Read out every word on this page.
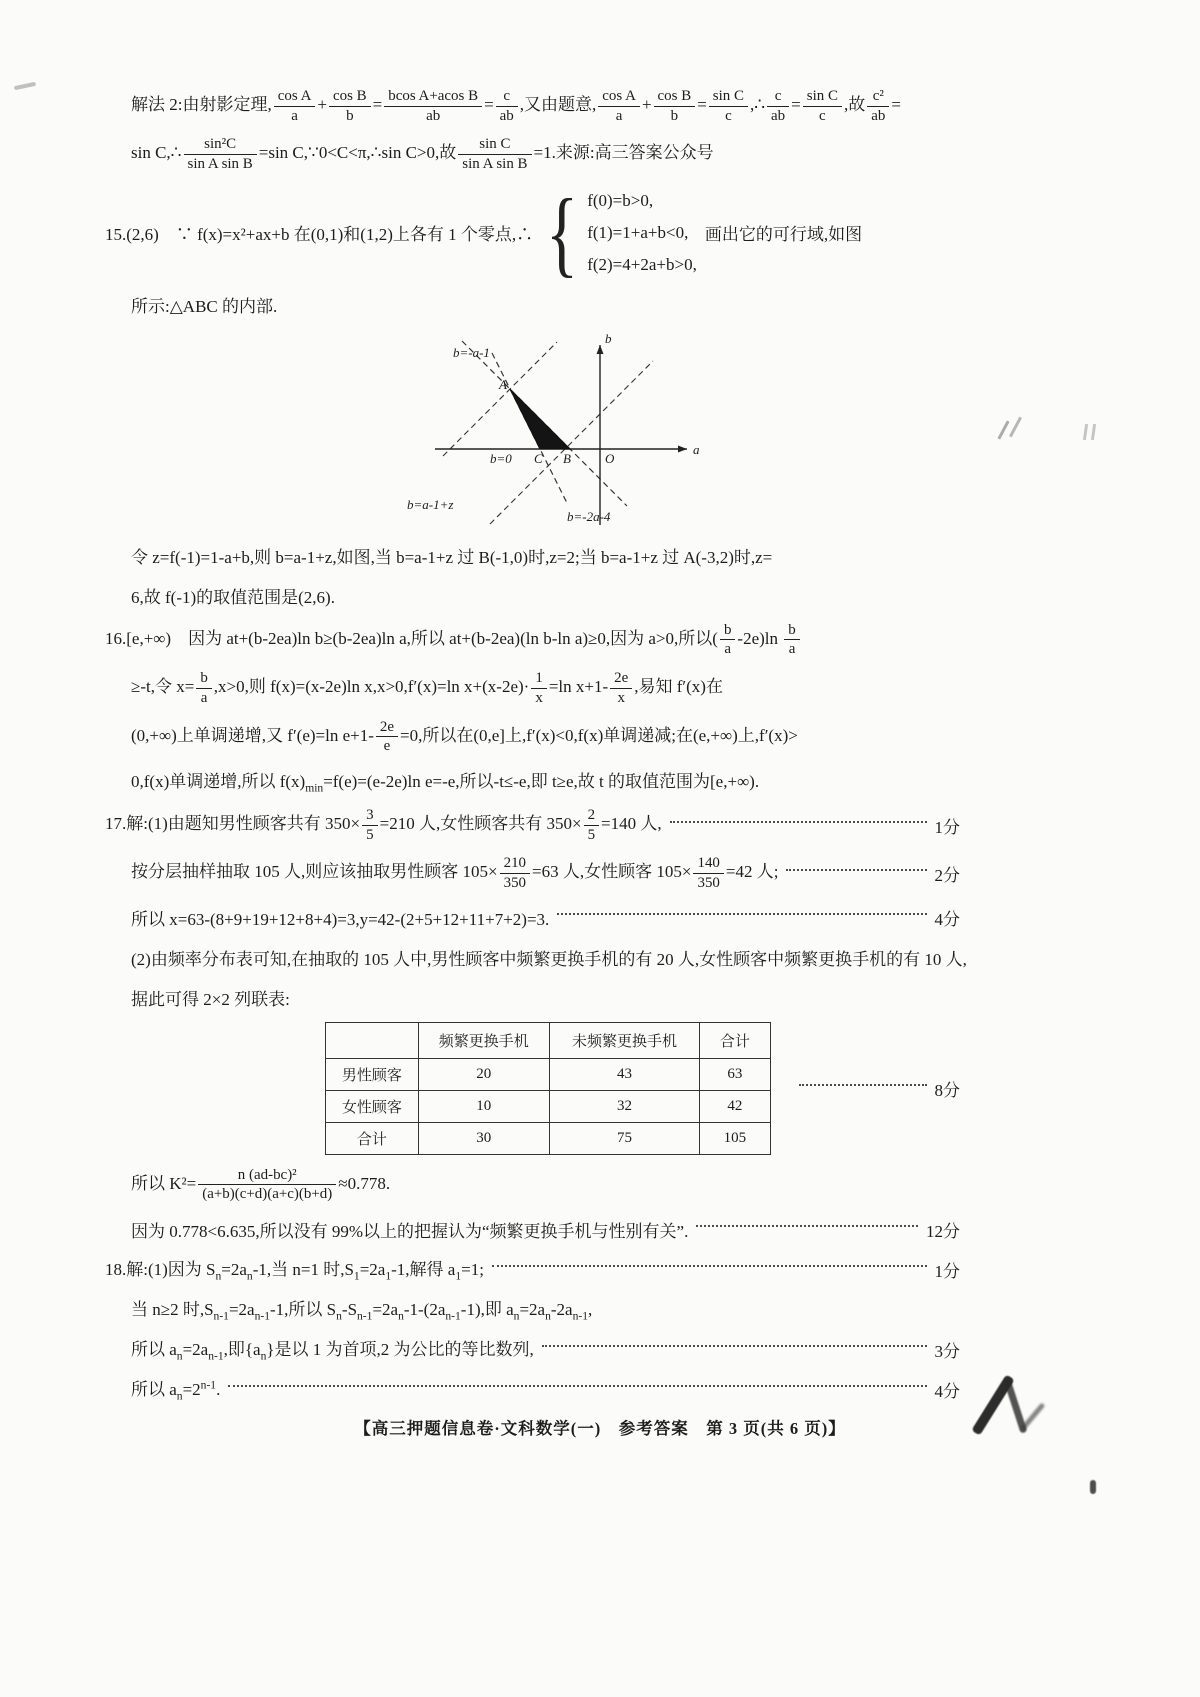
解法 2:由射影定理, $\frac{\text{cos A}}{a} + \frac{\text{cos B}}{b} = \frac{\text{bcos A+acos B}}{ab} = \frac{c}{ab}$ ,又由题意, $\frac{\text{cos A}}{a} + \frac{\text{cos B}}{b} = \frac{\text{sin C}}{c}$ ,∴ $\frac{c}{ab} = \frac{\text{sin C}}{c}$ ,故 $\frac{\text{c²}}{ab}$ =
sin C,∴ $\frac{\text{sin²C}}{\text{sin A sin B}} =\sin$ C,∵0<C<π,∴sin C>0,故 $\frac{\text{sin C}}{\text{sin A sin B}} =1$.来源:高三答案公众号
15.(2,6)　∵ f(x)=x²+ax+b 在(0,1)和(1,2)上各有 1 个零点,∴ { f(0)=b>0,
f(1)=1+a+b<0,
f(2)=4+2a+b>0,
画出它的可行域,如图
所示:△ABC 的内部.
b
a
O
A
B
C
b=-a-1
b=0
b=a-1+z
b=-2a-4
令 z=f(-1)=1-a+b,则 b=a-1+z,如图,当 b=a-1+z 过 B(-1,0)时,z=2;当 b=a-1+z 过 A(-3,2)时,z=
6,故 f(-1)的取值范围是(2,6).
16.[e,+∞)　因为 at+(b-2ea)ln b≥(b-2ea)ln a,所以 at+(b-2ea)(ln b-ln a)≥0,因为 a>0,所以( $\frac{b}{a} -2e)\ln \frac{b}{a}$
≥-t,令 $x= \frac{b}{a} ,x>0$,则 f(x)=(x-2e)ln x,x>0,f′(x)=ln $x+(x-2e)\cdot \frac{1}{x} =\ln$ $x+1- \frac{2e}{x}$ ,易知 f′(x)在
(0,+∞)上单调递增,又 f′(e)=ln $e+1- \frac{2e}{e} =0$,所以在(0,e]上,f′(x)<0,f(x)单调递减;在(e,+∞)上,f′(x)>
0,f(x)单调递增,所以 $f(x)_{min}=f(e)=(e-2e)\ln$ e=-e,所以-t≤-e,即 t≥e,故 t 的取值范围为[e,+∞).
17.解:(1)由题知男性顾客共有 $350\times \frac{3}{5} =210$ 人,女性顾客共有 $350\times \frac{2}{5} =140$ 人,	1分
按分层抽样抽取 105 人,则应该抽取男性顾客 $105\times \frac{210}{350} =63$ 人,女性顾客 $105\times \frac{140}{350} =42$ 人;	2分
所以 x=63-(8+9+19+12+8+4)=3,y=42-(2+5+12+11+7+2)=3.	4分
(2)由频率分布表可知,在抽取的 105 人中,男性顾客中频繁更换手机的有 20 人,女性顾客中频繁更换手机的有 10 人,
据此可得 2×2 列联表:
	频繁更换手机	未频繁更换手机	合计
男性顾客	20	43	63
女性顾客	10	32	42
合计	30	75	105
8分
所以 $K^2= \frac{\text{n (ad-bc)²}}{(a+b)(c+d)(a+c)(b+d)} \approx 0.778$.
因为 0.778<6.635,所以没有 99%以上的把握认为“频繁更换手机与性别有关”.	12分
18.解:(1)因为 $S_n=2a_n-1$,当 n=1 时$,S_1=2a_1-1$,解得 $a_1=1$;	1分
当 n≥2 时$,S_{n-1}=2a_{n-1}-1$,所以 $S_n-S_{n-1}=2a_n-1-(2a_{n-1}-1)$,即 $a_n=2a_n-2a_{n-1}$,
所以 $a_n=2a_{n-1}$,即$\{a_n\}$是以 1 为首项,2 为公比的等比数列,	3分
所以 $a_n=2^{n-1}$.	4分
【高三押题信息卷·文科数学(一)　参考答案　第 3 页(共 6 页)】
